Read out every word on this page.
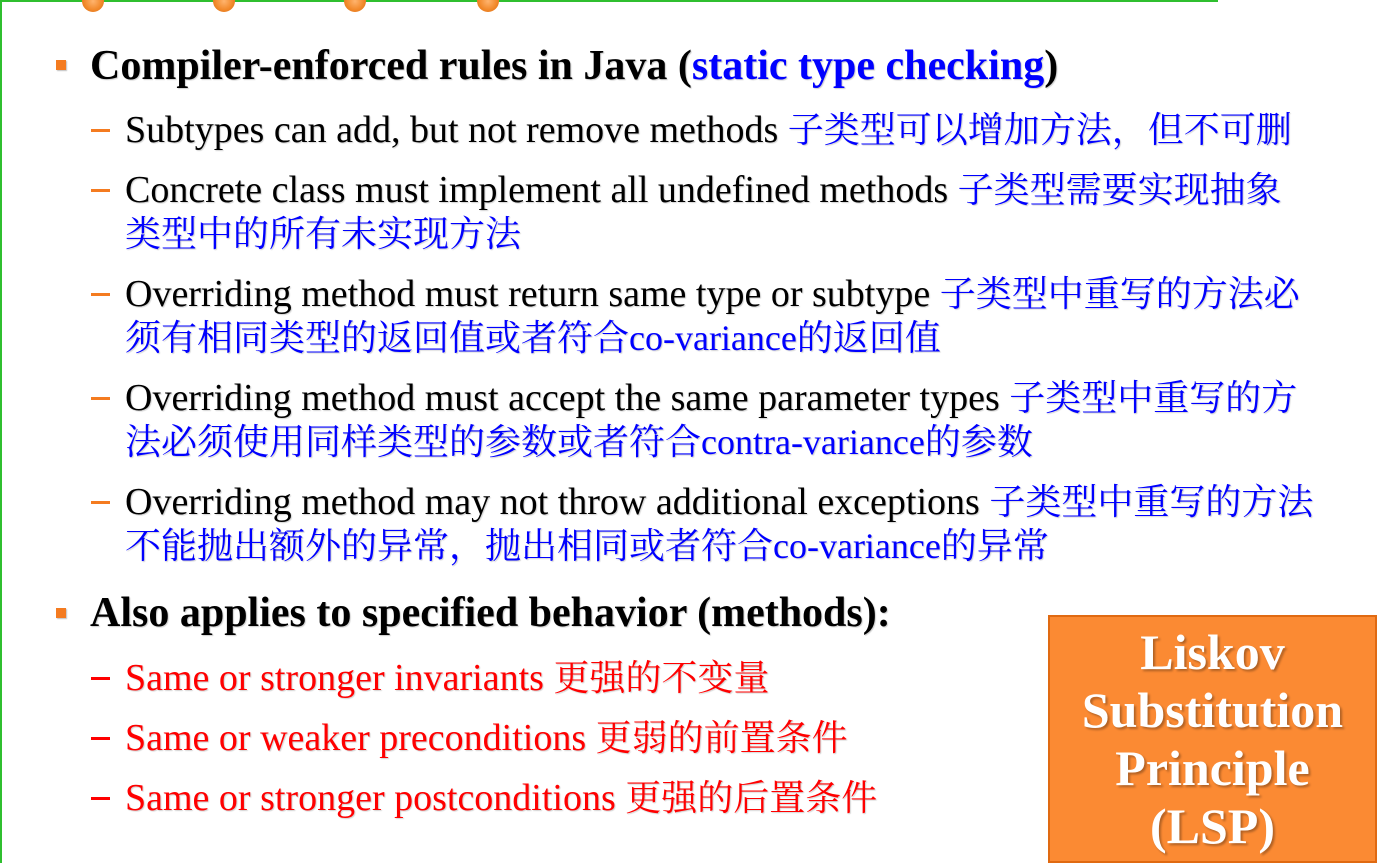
Compiler-enforced rules in Java (static type checking)
Subtypes can add, but not remove methods 子类型可以增加方法，但不可删
Concrete class must implement all undefined methods 子类型需要实现抽象类型中的所有未实现方法
Overriding method must return same type or subtype 子类型中重写的方法必须有相同类型的返回值或者符合co-variance的返回值
Overriding method must accept the same parameter types 子类型中重写的方法必须使用同样类型的参数或者符合contra-variance的参数
Overriding method may not throw additional exceptions 子类型中重写的方法不能抛出额外的异常，抛出相同或者符合co-variance的异常
Also applies to specified behavior (methods):
Same or stronger invariants 更强的不变量
Same or weaker preconditions 更弱的前置条件
Same or stronger postconditions 更强的后置条件
Liskov
Substitution
Principle
(LSP)
